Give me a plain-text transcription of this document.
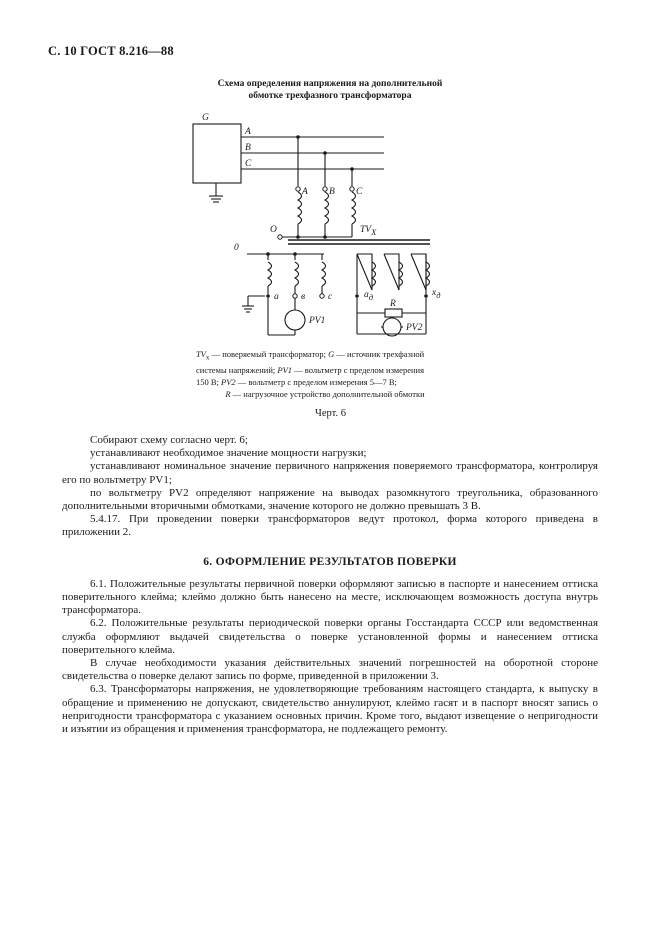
С. 10 ГОСТ 8.216—88
Схема определения напряжения на дополнительной
обмотке трехфазного трансформатора
G
A
B
C
A B C
O	TVX
0
a в c	aд	xд
R
PV1
PV2
$TV_x$ — поверяемый трансформатор; G — источник трехфазной
системы напряжений; PV1 — вольтметр с пределом измерения
150 В; PV2 — вольтметр с пределом измерения 5—7 В;
R — нагрузочное устройство дополнительной обмотки
Черт. 6

Собирают схему согласно черт. 6;

устанавливают необходимое значение мощности нагрузки;

устанавливают номинальное значение первичного напряжения поверяемого трансформатора, контролируя его по вольтметру PV1;

по вольтметру PV2 определяют напряжение на выводах разомкнутого треугольника, образованного дополнительными вторичными обмотками, значение которого не должно превышать 3 В.

5.4.17. При проведении поверки трансформаторов ведут протокол, форма которого приведена в приложении 2.

6. ОФОРМЛЕНИЕ РЕЗУЛЬТАТОВ ПОВЕРКИ

6.1. Положительные результаты первичной поверки оформляют записью в паспорте и нанесением оттиска поверительного клейма; клеймо должно быть нанесено на месте, исключающем возможность доступа внутрь трансформатора.

6.2. Положительные результаты периодической поверки органы Госстандарта СССР или ведомственная служба оформляют выдачей свидетельства о поверке установленной формы и нанесением оттиска поверительного клейма.

В случае необходимости указания действительных значений погрешностей на оборотной стороне свидетельства о поверке делают запись по форме, приведенной в приложении 3.

6.3. Трансформаторы напряжения, не удовлетворяющие требованиям настоящего стандарта, к выпуску в обращение и применению не допускают, свидетельство аннулируют, клеймо гасят и в паспорт вносят запись о непригодности трансформатора с указанием основных причин. Кроме того, выдают извещение о непригодности и изъятии из обращения и применения трансформатора, не подлежащего ремонту.
